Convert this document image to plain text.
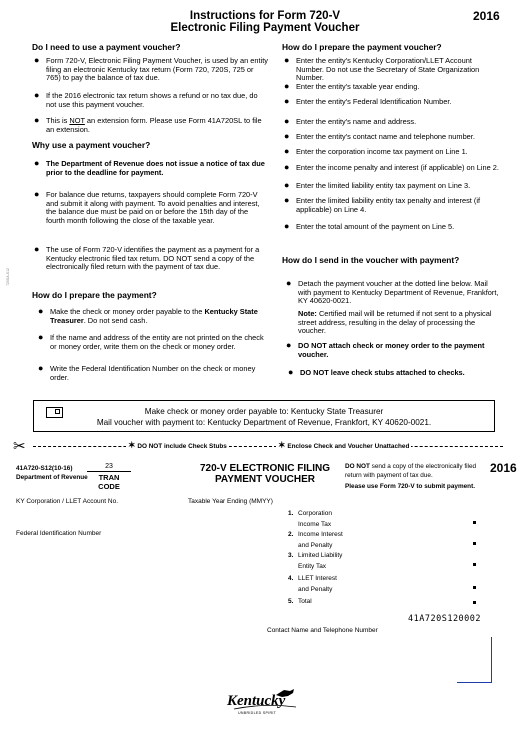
Instructions for Form 720-V
Electronic Filing Payment Voucher
2016
720SA-S12
Do I need to use a payment voucher?
● Form 720-V, Electronic Filing Payment Voucher, is used by an entity filing an electronic Kentucky tax return (Form 720, 720S, 725 or 765) to pay the balance of tax due.
● If the 2016 electronic tax return shows a refund or no tax due, do not use this payment voucher.
● This is NOT an extension form. Please use Form 41A720SL to file an extension.
Why use a payment voucher?
● The Department of Revenue does not issue a notice of tax due prior to the deadline for payment.
● For balance due returns, taxpayers should complete Form 720-V and submit it along with payment. To avoid penalties and interest, the balance due must be paid on or before the 15th day of the fourth month following the close of the taxable year.
● The use of Form 720-V identifies the payment as a payment for a Kentucky electronic filed tax return. DO NOT send a copy of the electronically filed return with the payment of tax due.
How do I prepare the payment?
● Make the check or money order payable to the Kentucky State Treasurer. Do not send cash.
● If the name and address of the entity are not printed on the check or money order, write them on the check or money order.
● Write the Federal Identification Number on the check or money order.
How do I prepare the payment voucher?
● Enter the entity's Kentucky Corporation/LLET Account Number. Do not use the Secretary of State Organization Number.
● Enter the entity's taxable year ending.
● Enter the entity's Federal Identification Number.
● Enter the entity's name and address.
● Enter the entity's contact name and telephone number.
● Enter the corporation income tax payment on Line 1.
● Enter the income penalty and interest (if applicable) on Line 2.
● Enter the limited liability entity tax payment on Line 3.
● Enter the limited liability entity tax penalty and interest (if applicable) on Line 4.
● Enter the total amount of the payment on Line 5.
How do I send in the voucher with payment?
● Detach the payment voucher at the dotted line below. Mail with payment to Kentucky Department of Revenue, Frankfort, KY 40620-0021.
Note: Certified mail will be returned if not sent to a physical street address, resulting in the delay of processing the voucher.
● DO NOT attach check or money order to the payment voucher.
● DO NOT leave check stubs attached to checks.
Make check or money order payable to: Kentucky State Treasurer
Mail voucher with payment to: Kentucky Department of Revenue, Frankfort, KY 40620-0021.
✂	✶ DO NOT include Check Stubs	✶ Enclose Check and Voucher Unattached
41A720-S12(10-16)
Department of Revenue
23
TRAN CODE
720-V ELECTRONIC FILING
PAYMENT VOUCHER
DO NOT send a copy of the electronically filed return with payment of tax due.
Please use Form 720-V to submit payment.
2016
KY Corporation / LLET Account No.	Taxable Year Ending (MMYY)
Federal Identification Number
1. Corporation
Income Tax
2. Income Interest
and Penalty
3. Limited Liability
Entity Tax
4. LLET Interest
and Penalty
5. Total
41A720S120002
Contact Name and Telephone Number
Kentucky
UNBRIDLED SPIRIT
